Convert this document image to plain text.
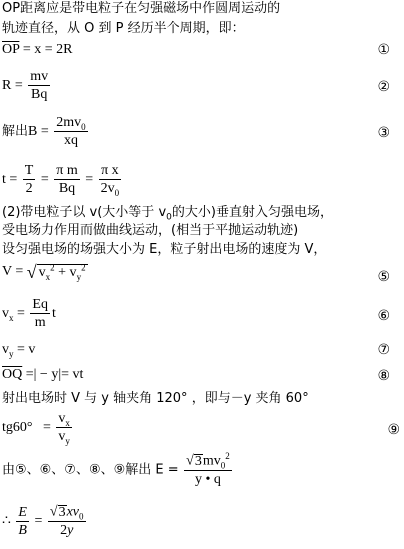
OP距离应是带电粒子在匀强磁场中作圆周运动的
轨迹直径，从 O 到 P 经历半个周期，即：
$\overline{OP} = x = 2R$	①
$R = \frac{mv}{Bq}$	②
解出$B = \frac{2mv_0}{xq}$	③
$t = \frac{T}{2} = \frac{\text{π m}}{Bq} = \frac{\text{π x}}{2v_0}$
(2)带电粒子以 v(大小等于 $v_0$的大小)垂直射入匀强电场，
受电场力作用而做曲线运动，(相当于平抛运动轨迹)
设匀强电场的场强大小为 E，粒子射出电场的速度为 V，
V = √ $v_x^2 + v_y^2$
⑤
$v_x = \frac{Eq}{m}$ t	⑥
$v_y = v$	⑦
$\overline{OQ}$ =| − y|= vt	⑧
射出电场时 V 与 y 轴夹角 120° ，即与－y 夹角 60°
$tg60^\circ = \frac{v_x}{v_y}$	⑨
由⑤、⑥、⑦、⑧、⑨解出 $E = \frac{√3mv_0^2}{y • q}$
∴ $\frac{E}{B} = \frac{√3xv_0}{2y}$
